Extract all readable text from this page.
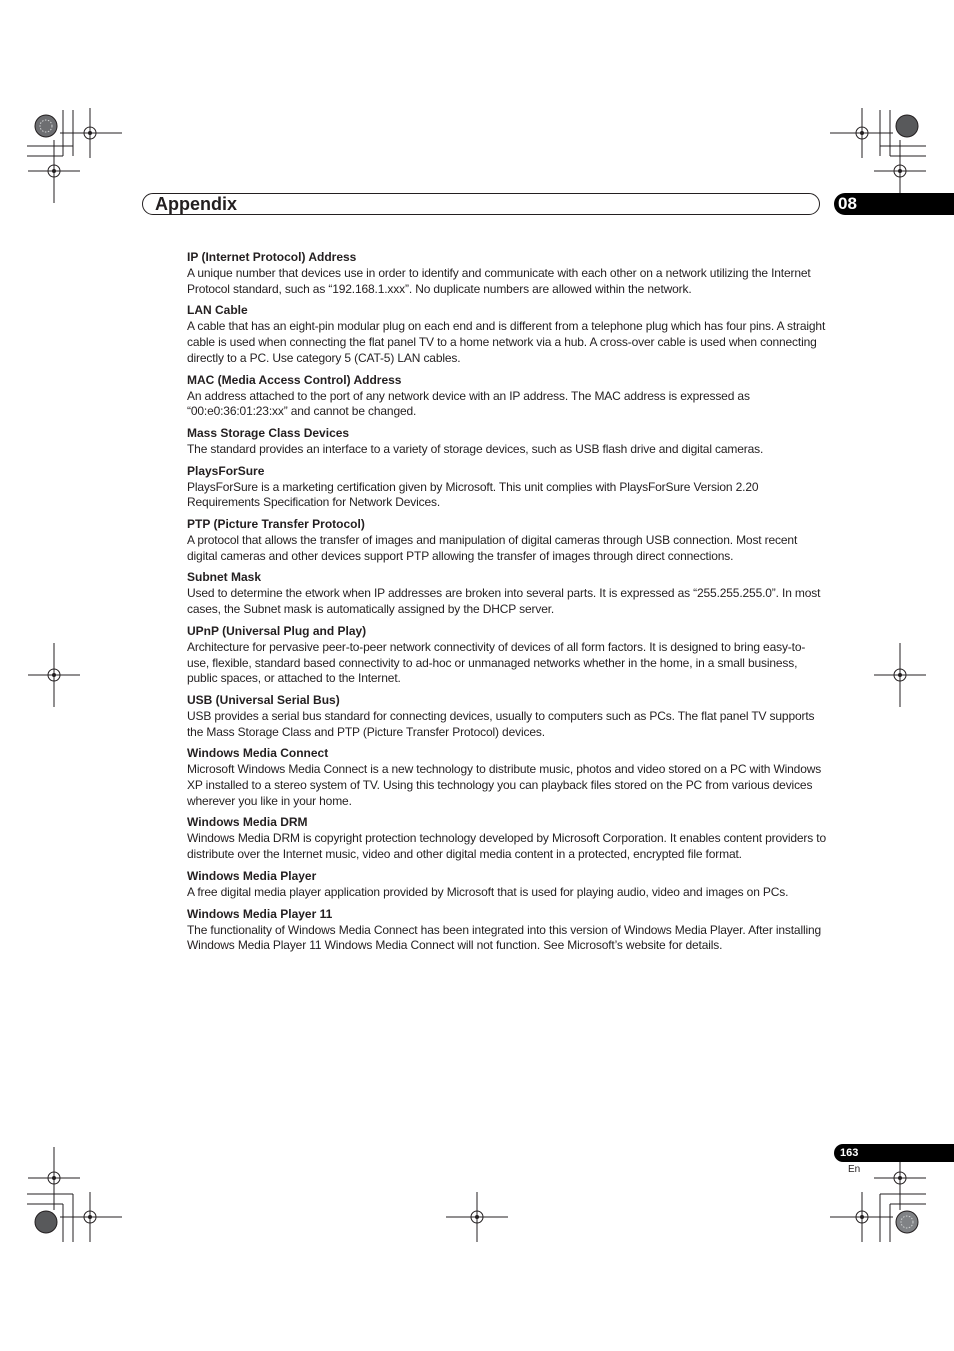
Appendix	08

IP (Internet Protocol) Address

A unique number that devices use in order to identify and communicate with each other on a network utilizing the Internet Protocol standard, such as “192.168.1.xxx”. No duplicate numbers are allowed within the network.

LAN Cable

A cable that has an eight-pin modular plug on each end and is different from a telephone plug which has four pins. A straight cable is used when connecting the flat panel TV to a home network via a hub. A cross-over cable is used when connecting directly to a PC. Use category 5 (CAT-5) LAN cables.

MAC (Media Access Control) Address

An address attached to the port of any network device with an IP address. The MAC address is expressed as “00:e0:36:01:23:xx” and cannot be changed.

Mass Storage Class Devices

The standard provides an interface to a variety of storage devices, such as USB flash drive and digital cameras.

PlaysForSure

PlaysForSure is a marketing certification given by Microsoft. This unit complies with PlaysForSure Version 2.20 Requirements Specification for Network Devices.

PTP (Picture Transfer Protocol)

A protocol that allows the transfer of images and manipulation of digital cameras through USB connection. Most recent digital cameras and other devices support PTP allowing the transfer of images through direct connections.

Subnet Mask

Used to determine the etwork when IP addresses are broken into several parts. It is expressed as “255.255.255.0”. In most cases, the Subnet mask is automatically assigned by the DHCP server.

UPnP (Universal Plug and Play)

Architecture for pervasive peer-to-peer network connectivity of devices of all form factors. It is designed to bring easy-to-use, flexible, standard based connectivity to ad-hoc or unmanaged networks whether in the home, in a small business, public spaces, or attached to the Internet.

USB (Universal Serial Bus)

USB provides a serial bus standard for connecting devices, usually to computers such as PCs. The flat panel TV supports the Mass Storage Class and PTP (Picture Transfer Protocol) devices.

Windows Media Connect

Microsoft Windows Media Connect is a new technology to distribute music, photos and video stored on a PC with Windows XP installed to a stereo system of TV. Using this technology you can playback files stored on the PC from various devices wherever you like in your home.

Windows Media DRM

Windows Media DRM is copyright protection technology developed by Microsoft Corporation. It enables content providers to distribute over the Internet music, video and other digital media content in a protected, encrypted file format.

Windows Media Player

A free digital media player application provided by Microsoft that is used for playing audio, video and images on PCs.

Windows Media Player 11

The functionality of Windows Media Connect has been integrated into this version of Windows Media Player. After installing Windows Media Player 11 Windows Media Connect will not function. See Microsoft’s website for details.

163
En
